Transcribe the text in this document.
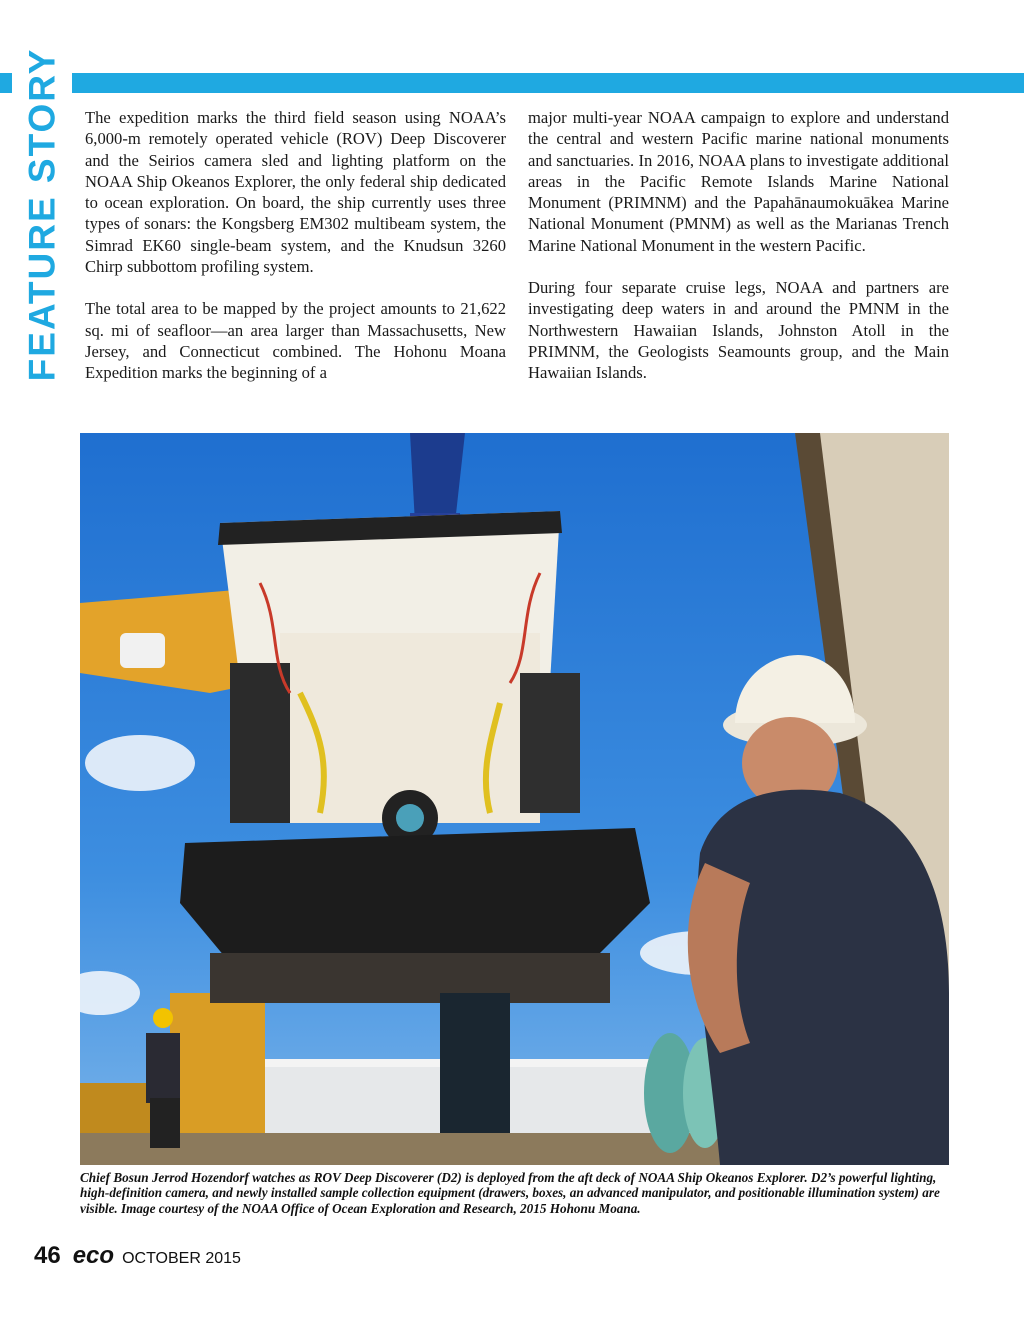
FEATURE STORY The expedition marks the third field season using NOAA’s 6,000-m remotely operated vehicle (ROV) Deep Discoverer and the Seirios camera sled and lighting platform on the NOAA Ship Okeanos Explorer, the only federal ship dedicated to ocean exploration. On board, the ship currently uses three types of sonars: the Kongsberg EM302 multibeam system, the Simrad EK60 single-beam system, and the Knudsun 3260 Chirp subbottom profiling system.

The total area to be mapped by the project amounts to 21,622 sq. mi of seafloor—an area larger than Massachusetts, New Jersey, and Connecticut combined. The Hohonu Moana Expedition marks the beginning of a

major multi-year NOAA campaign to explore and understand the central and western Pacific marine national monuments and sanctuaries. In 2016, NOAA plans to investigate additional areas in the Pacific Remote Islands Marine National Monument (PRIMNM) and the Papahānaumokuākea Marine National Monument (PMNM) as well as the Marianas Trench Marine National Monument in the western Pacific.

During four separate cruise legs, NOAA and partners are investigating deep waters in and around the PMNM in the Northwestern Hawaiian Islands, Johnston Atoll in the PRIMNM, the Geologists Seamounts group, and the Main Hawaiian Islands.

Chief Bosun Jerrod Hozendorf watches as ROV Deep Discoverer (D2) is deployed from the aft deck of NOAA Ship Okeanos Explorer. D2’s powerful lighting, high-definition camera, and newly installed sample collection equipment (drawers, boxes, an advanced manipulator, and positionable illumination system) are visible. Image courtesy of the NOAA Office of Ocean Exploration and Research, 2015 Hohonu Moana.

46 eco OCTOBER 2015
